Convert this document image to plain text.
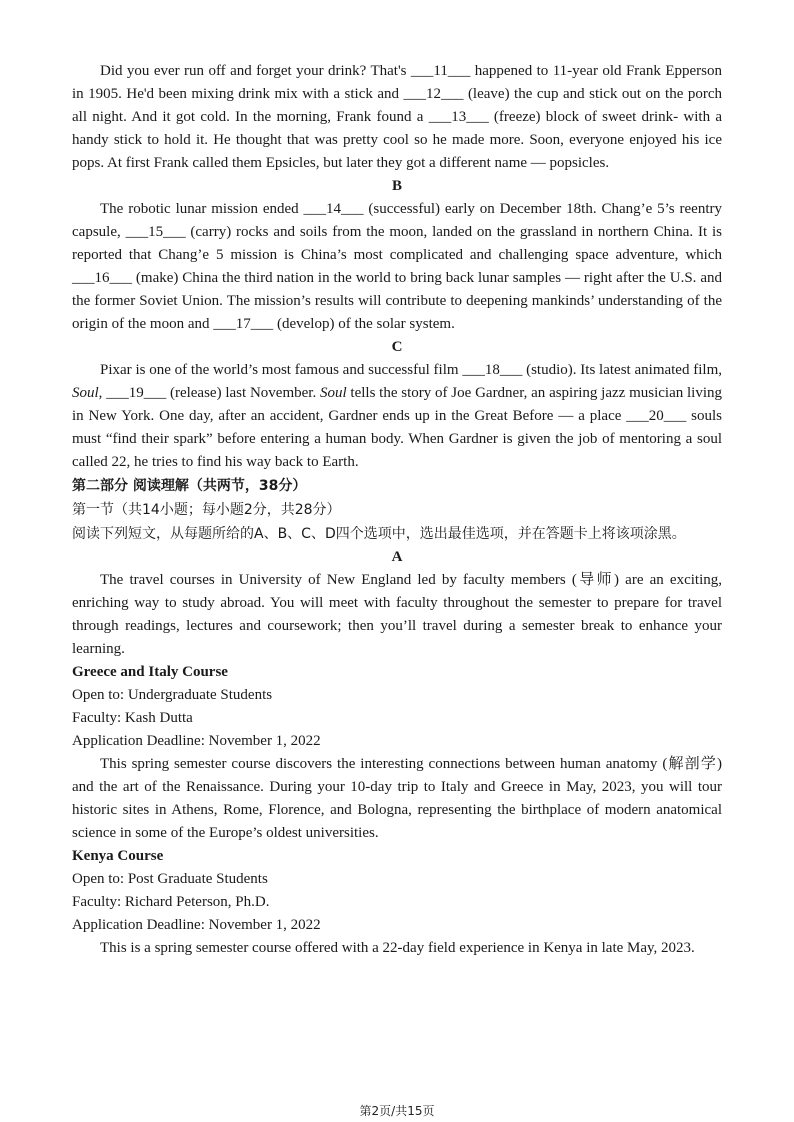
Did you ever run off and forget your drink? That's ___11___ happened to 11-year old Frank Epperson in 1905. He'd been mixing drink mix with a stick and ___12___ (leave) the cup and stick out on the porch all night. And it got cold. In the morning, Frank found a ___13___ (freeze) block of sweet drink- with a handy stick to hold it. He thought that was pretty cool so he made more. Soon, everyone enjoyed his ice pops. At first Frank called them Epsicles, but later they got a different name — popsicles.

B

The robotic lunar mission ended ___14___ (successful) early on December 18th. Chang’e 5’s reentry capsule, ___15___ (carry) rocks and soils from the moon, landed on the grassland in northern China. It is reported that Chang’e 5 mission is China’s most complicated and challenging space adventure, which ___16___ (make) China the third nation in the world to bring back lunar samples — right after the U.S. and the former Soviet Union. The mission’s results will contribute to deepening mankinds’ understanding of the origin of the moon and ___17___ (develop) of the solar system.

C

Pixar is one of the world’s most famous and successful film ___18___ (studio). Its latest animated film, Soul, ___19___ (release) last November. Soul tells the story of Joe Gardner, an aspiring jazz musician living in New York. One day, after an accident, Gardner ends up in the Great Before — a place ___20___ souls must “find their spark” before entering a human body. When Gardner is given the job of mentoring a soul called 22, he tries to find his way back to Earth.

第二部分 阅读理解（共两节，38分）

第一节（共14小题；每小题2分，共28分）

阅读下列短文，从每题所给的A、B、C、D四个选项中，选出最佳选项，并在答题卡上将该项涂黑。

A

The travel courses in University of New England led by faculty members (导师) are an exciting, enriching way to study abroad. You will meet with faculty throughout the semester to prepare for travel through readings, lectures and coursework; then you’ll travel during a semester break to enhance your learning.

Greece and Italy Course

Open to: Undergraduate Students

Faculty: Kash Dutta

Application Deadline: November 1, 2022

This spring semester course discovers the interesting connections between human anatomy (解剖学) and the art of the Renaissance. During your 10-day trip to Italy and Greece in May, 2023, you will tour historic sites in Athens, Rome, Florence, and Bologna, representing the birthplace of modern anatomical science in some of the Europe’s oldest universities.

Kenya Course

Open to: Post Graduate Students

Faculty: Richard Peterson, Ph.D.

Application Deadline: November 1, 2022

This is a spring semester course offered with a 22-day field experience in Kenya in late May, 2023.

第2页/共15页
